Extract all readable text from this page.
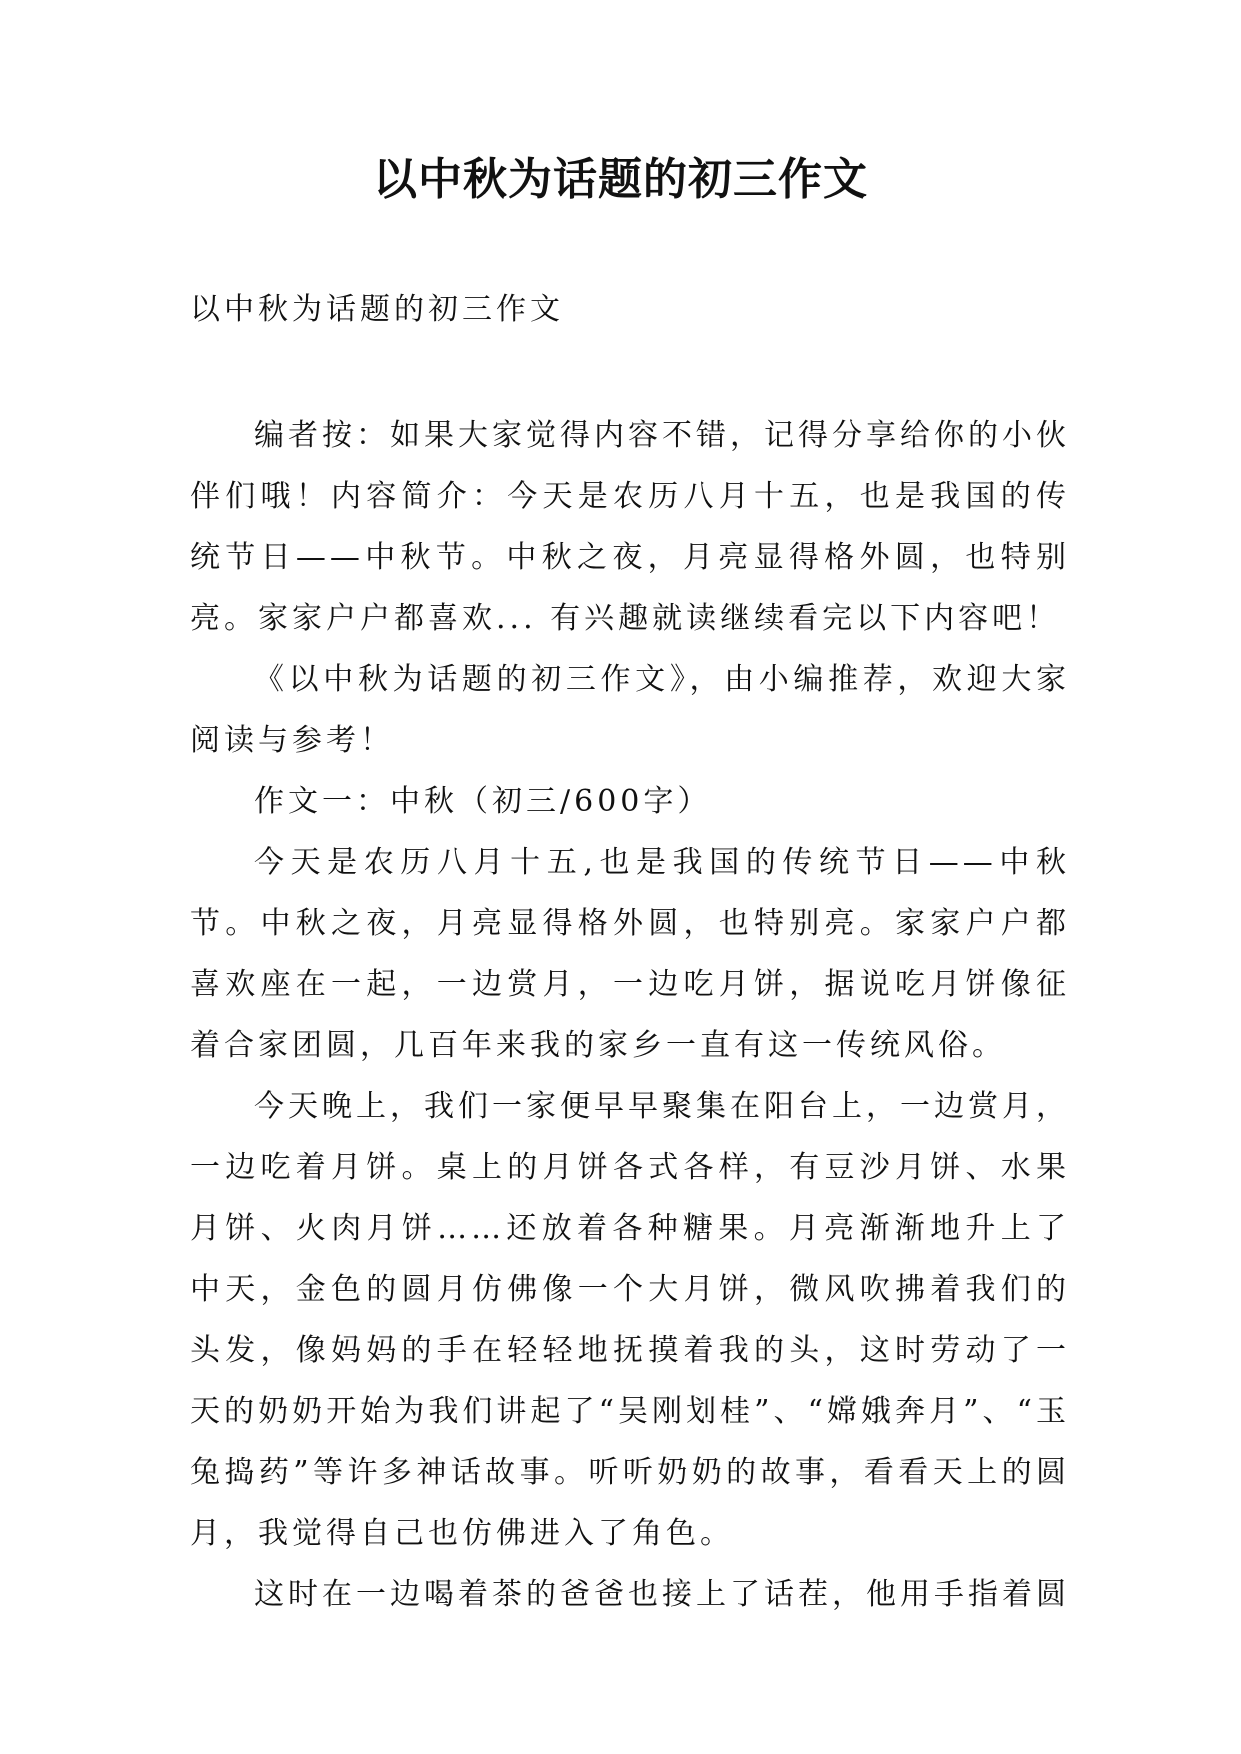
以中秋为话题的初三作文
以中秋为话题的初三作文

编者按：如果大家觉得内容不错，记得分享给你的小伙伴们哦！内容简介：今天是农历八月十五，也是我国的传统节日——中秋节。中秋之夜，月亮显得格外圆，也特别亮。家家户户都喜欢... 有兴趣就读继续看完以下内容吧！

《以中秋为话题的初三作文》，由小编推荐，欢迎大家阅读与参考！

作文一：中秋（初三/600字）

今天是农历八月十五,也是我国的传统节日——中秋节。中秋之夜，月亮显得格外圆，也特别亮。家家户户都喜欢座在一起，一边赏月，一边吃月饼，据说吃月饼像征着合家团圆，几百年来我的家乡一直有这一传统风俗。

今天晚上，我们一家便早早聚集在阳台上，一边赏月，一边吃着月饼。桌上的月饼各式各样，有豆沙月饼、水果月饼、火肉月饼……还放着各种糖果。月亮渐渐地升上了中天，金色的圆月仿佛像一个大月饼，微风吹拂着我们的头发，像妈妈的手在轻轻地抚摸着我的头，这时劳动了一天的奶奶开始为我们讲起了“吴刚划桂”、“嫦娥奔月”、“玉兔捣药”等许多神话故事。听听奶奶的故事，看看天上的圆月，我觉得自己也仿佛进入了角色。

这时在一边喝着茶的爸爸也接上了话茬，他用手指着圆
